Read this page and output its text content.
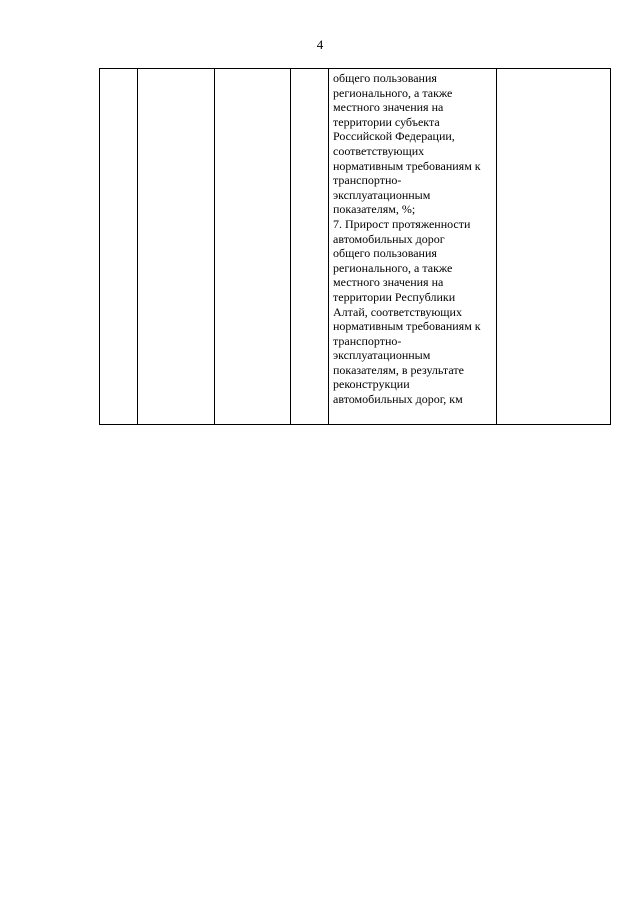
4

общего пользования
регионального, а также
местного значения на
территории субъекта
Российской Федерации,
соответствующих
нормативным требованиям к
транспортно-
эксплуатационным
показателям, %;
7. Прирост протяженности
автомобильных дорог
общего пользования
регионального, а также
местного значения на
территории Республики
Алтай, соответствующих
нормативным требованиям к
транспортно-
эксплуатационным
показателям, в результате
реконструкции
автомобильных дорог, км
